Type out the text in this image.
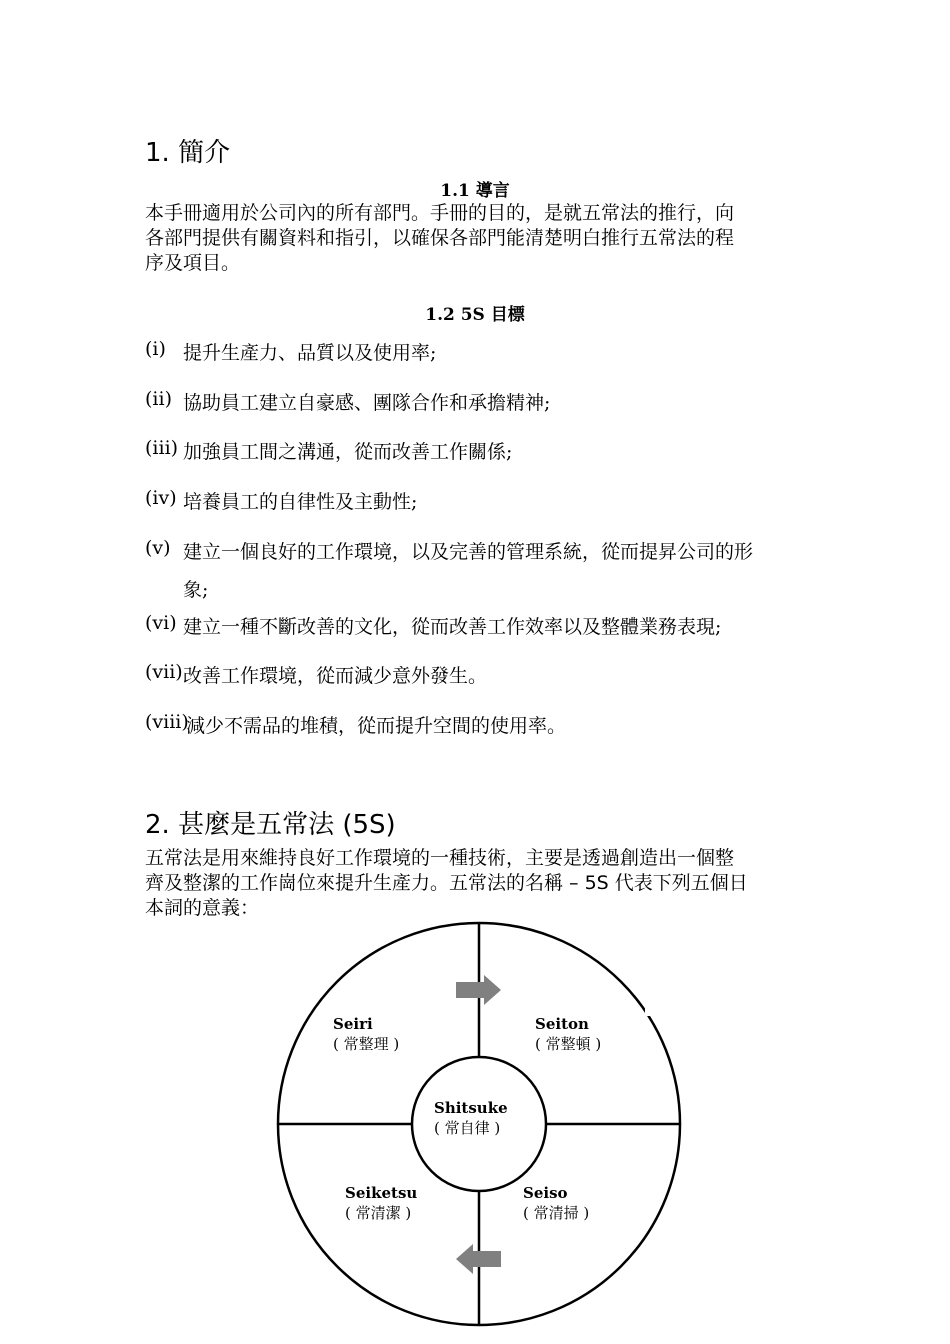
1. 簡介
1.1 導言
本手冊適用於公司內的所有部門。手冊的目的，是就五常法的推行，向
各部門提供有關資料和指引，以確保各部門能清楚明白推行五常法的程
序及項目。
1.2 5S 目標
(i) 提升生產力、品質以及使用率;
(ii) 協助員工建立自豪感、團隊合作和承擔精神;
(iii) 加強員工間之溝通，從而改善工作關係;
(iv) 培養員工的自律性及主動性;
(v) 建立一個良好的工作環境，以及完善的管理系統，從而提昇公司的形
象;
(vi) 建立一種不斷改善的文化，從而改善工作效率以及整體業務表現;
(vii) 改善工作環境，從而減少意外發生。
(viii)
減少不需品的堆積，從而提升空間的使用率。
2. 甚麼是五常法 (5S)
五常法是用來維持良好工作環境的一種技術，主要是透過創造出一個整
齊及整潔的工作崗位來提升生產力。五常法的名稱 – 5S 代表下列五個日
本詞的意義：
Seiri
( 常整理 )
Seiton
( 常整頓 )
Shitsuke
( 常自律 )
Seiketsu
( 常清潔 )
Seiso
( 常清掃 )
